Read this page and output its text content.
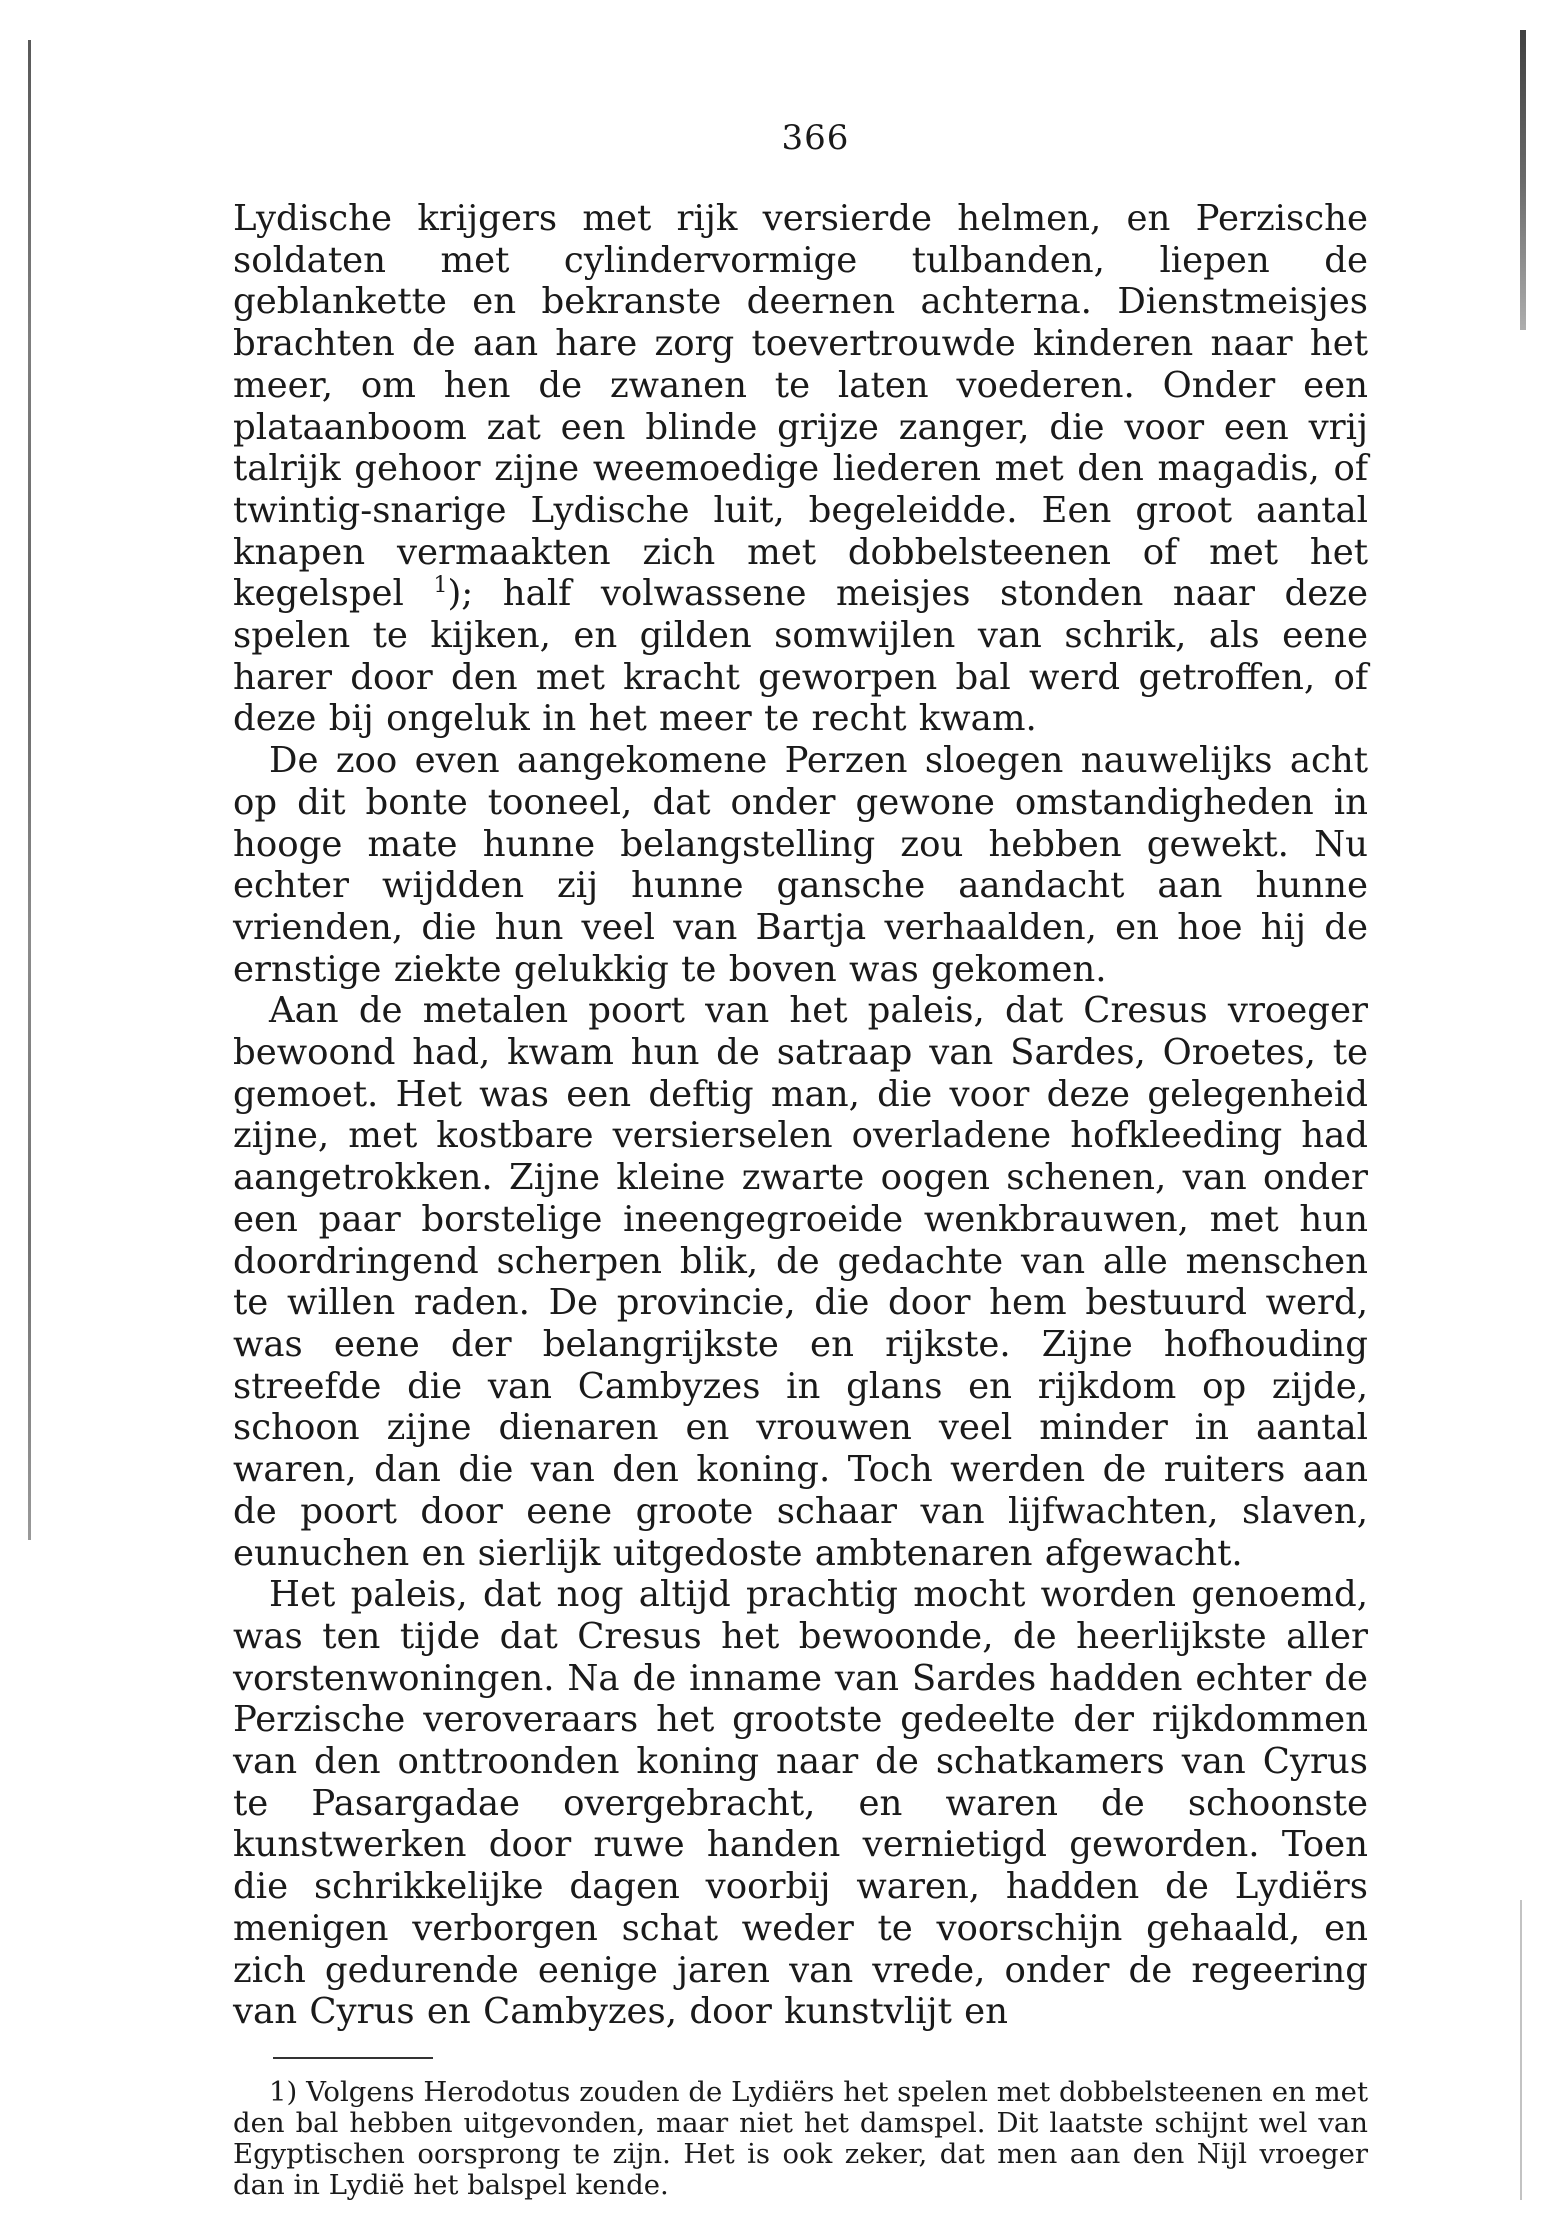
366

Lydische krijgers met rijk versierde helmen, en Perzische soldaten met cylindervormige tulbanden, liepen de geblankette en bekranste deernen achterna. Dienstmeisjes brachten de aan hare zorg toevertrouwde kinderen naar het meer, om hen de zwanen te laten voederen. Onder een plataanboom zat een blinde grijze zanger, die voor een vrij talrijk gehoor zijne weemoedige liederen met den magadis, of twintig-snarige Lydische luit, begeleidde. Een groot aantal knapen vermaakten zich met dobbelsteenen of met het kegelspel $^1$); half volwassene meisjes stonden naar deze spelen te kijken, en gilden somwijlen van schrik, als eene harer door den met kracht geworpen bal werd getroffen, of deze bij ongeluk in het meer te recht kwam.

De zoo even aangekomene Perzen sloegen nauwelijks acht op dit bonte tooneel, dat onder gewone omstandigheden in hooge mate hunne belangstelling zou hebben gewekt. Nu echter wijdden zij hunne gansche aandacht aan hunne vrienden, die hun veel van Bartja verhaalden, en hoe hij de ernstige ziekte gelukkig te boven was gekomen.

Aan de metalen poort van het paleis, dat Cresus vroeger bewoond had, kwam hun de satraap van Sardes, Oroetes, te gemoet. Het was een deftig man, die voor deze gelegenheid zijne, met kostbare versierselen overladene hofkleeding had aangetrokken. Zijne kleine zwarte oogen schenen, van onder een paar borstelige ineengegroeide wenkbrauwen, met hun doordringend scherpen blik, de gedachte van alle menschen te willen raden. De provincie, die door hem bestuurd werd, was eene der belangrijkste en rijkste. Zijne hofhouding streefde die van Cambyzes in glans en rijkdom op zijde, schoon zijne dienaren en vrouwen veel minder in aantal waren, dan die van den koning. Toch werden de ruiters aan de poort door eene groote schaar van lijfwachten, slaven, eunuchen en sierlijk uitgedoste ambtenaren afgewacht.

Het paleis, dat nog altijd prachtig mocht worden genoemd, was ten tijde dat Cresus het bewoonde, de heerlijkste aller vorstenwoningen. Na de inname van Sardes hadden echter de Perzische veroveraars het grootste gedeelte der rijkdommen van den onttroonden koning naar de schatkamers van Cyrus te Pasargadae overgebracht, en waren de schoonste kunstwerken door ruwe handen vernietigd geworden. Toen die schrikkelijke dagen voorbij waren, hadden de Lydiërs menigen verborgen schat weder te voorschijn gehaald, en zich gedurende eenige jaren van vrede, onder de regeering van Cyrus en Cambyzes, door kunstvlijt en

1) Volgens Herodotus zouden de Lydiërs het spelen met dobbelsteenen en met den bal hebben uitgevonden, maar niet het damspel. Dit laatste schijnt wel van Egyptischen oorsprong te zijn. Het is ook zeker, dat men aan den Nijl vroeger dan in Lydië het balspel kende.
